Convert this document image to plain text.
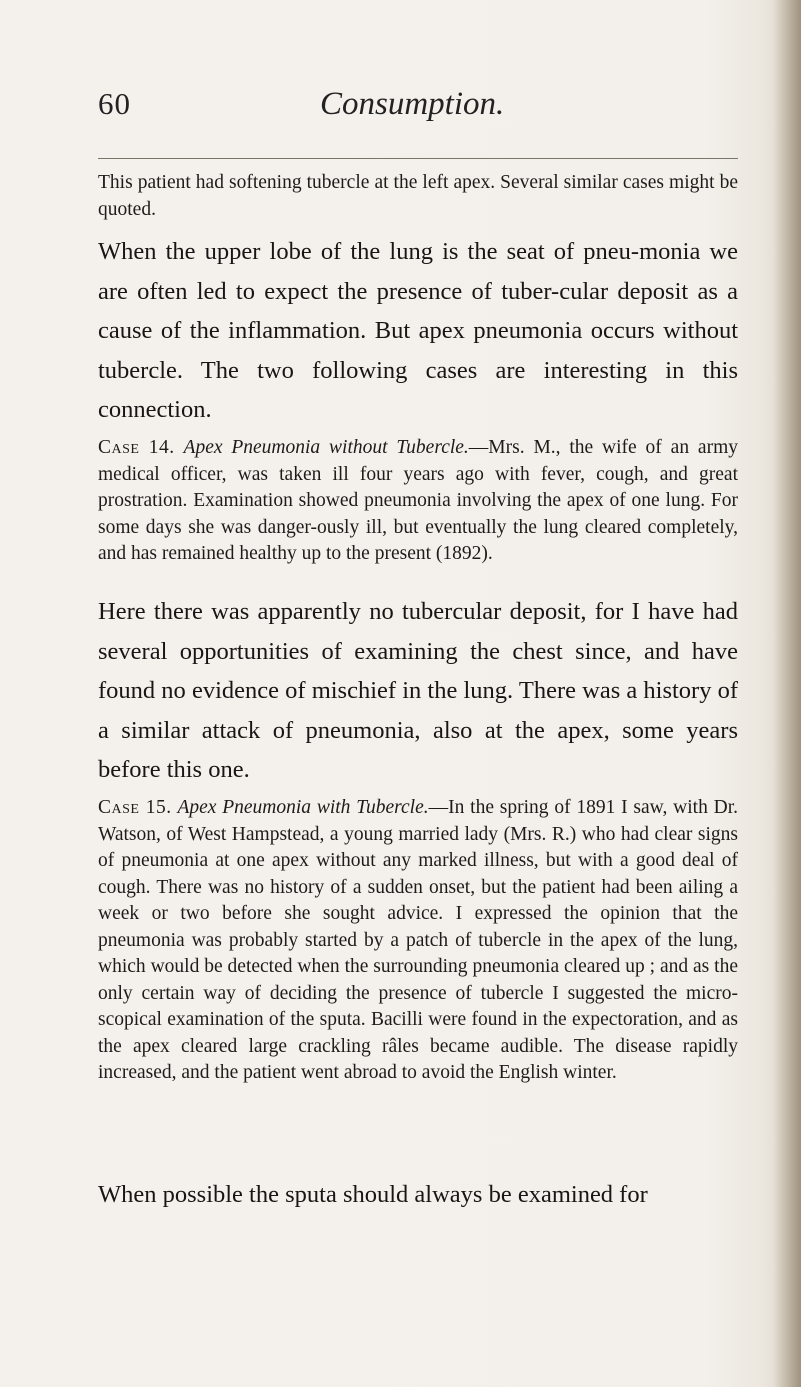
60	Consumption.

This patient had softening tubercle at the left apex. Several similar cases might be quoted.

When the upper lobe of the lung is the seat of pneu-monia we are often led to expect the presence of tuber-cular deposit as a cause of the inflammation. But apex pneumonia occurs without tubercle. The two following cases are interesting in this connection.

Case 14. Apex Pneumonia without Tubercle.—Mrs. M., the wife of an army medical officer, was taken ill four years ago with fever, cough, and great prostration. Examination showed pneumonia involving the apex of one lung. For some days she was danger-ously ill, but eventually the lung cleared completely, and has remained healthy up to the present (1892).

Here there was apparently no tubercular deposit, for I have had several opportunities of examining the chest since, and have found no evidence of mischief in the lung. There was a history of a similar attack of pneumonia, also at the apex, some years before this one.

Case 15. Apex Pneumonia with Tubercle.—In the spring of 1891 I saw, with Dr. Watson, of West Hampstead, a young married lady (Mrs. R.) who had clear signs of pneumonia at one apex without any marked illness, but with a good deal of cough. There was no history of a sudden onset, but the patient had been ailing a week or two before she sought advice. I expressed the opinion that the pneumonia was probably started by a patch of tubercle in the apex of the lung, which would be detected when the surrounding pneumonia cleared up ; and as the only certain way of deciding the presence of tubercle I suggested the micro-scopical examination of the sputa. Bacilli were found in the expectoration, and as the apex cleared large crackling râles became audible. The disease rapidly increased, and the patient went abroad to avoid the English winter.

When possible the sputa should always be examined for
